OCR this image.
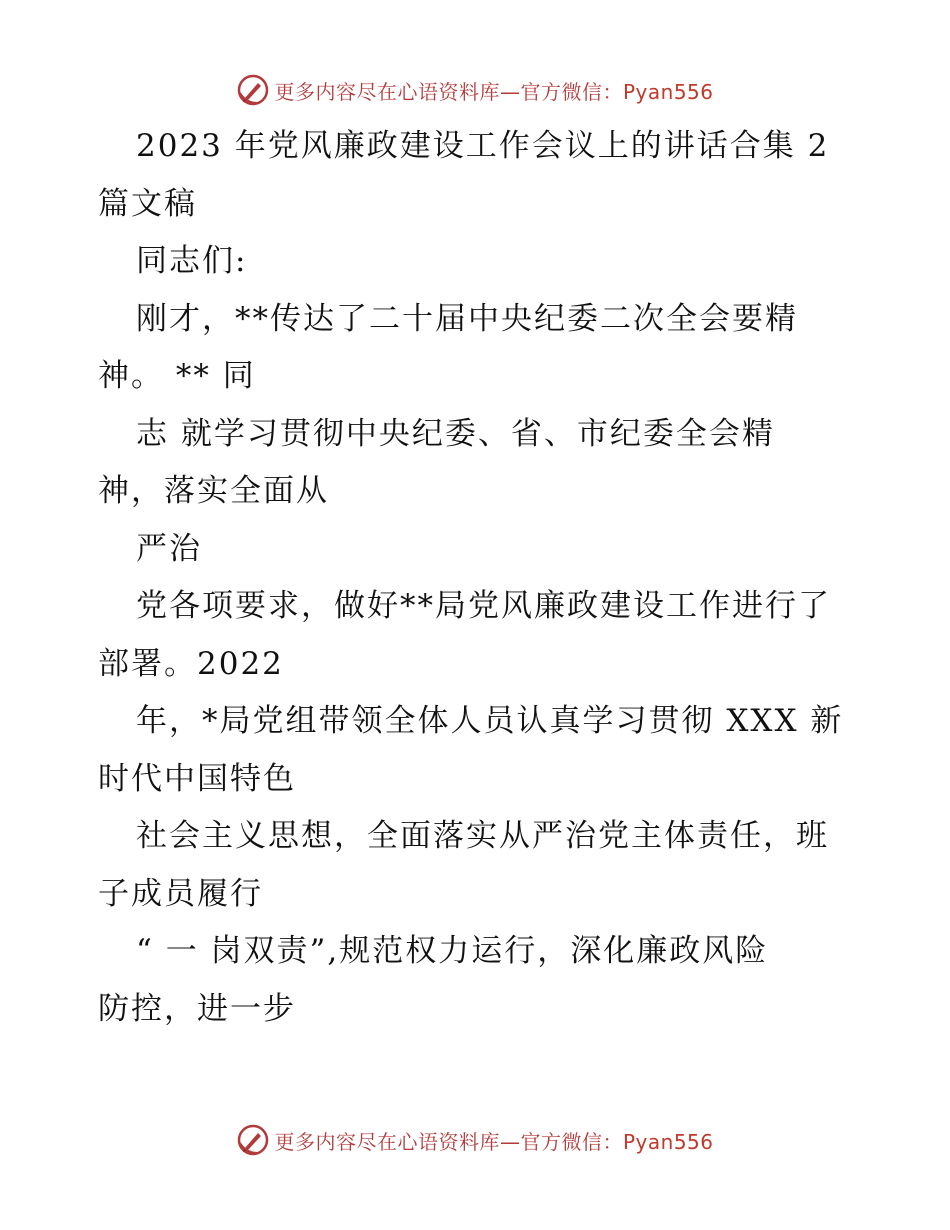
更多内容尽在心语资料库—官方微信：Pyan556

2023 年党风廉政建设工作会议上的讲话合集 2

篇文稿

同志们:

刚才，**传达了二十届中央纪委二次全会要精

神。 ** 同

志 就学习贯彻中央纪委、省、市纪委全会精

神，落实全面从

严治

党各项要求，做好**局党风廉政建设工作进行了

部署。2022

年，*局党组带领全体人员认真学习贯彻 XXX 新

时代中国特色

社会主义思想，全面落实从严治党主体责任，班

子成员履行

“ 一 岗双责”,规范权力运行，深化廉政风险

防控，进一步

更多内容尽在心语资料库—官方微信：Pyan556
